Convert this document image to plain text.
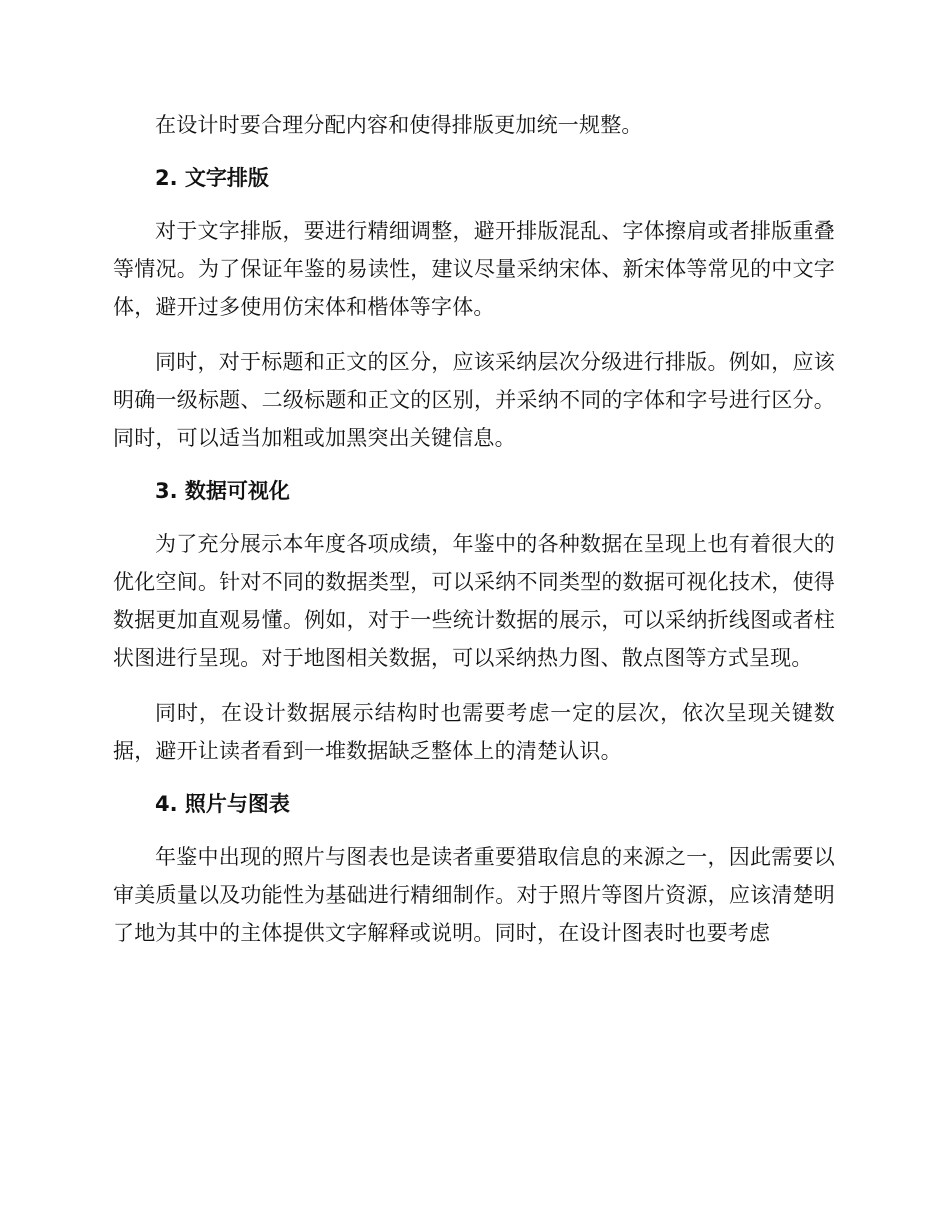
在设计时要合理分配内容和使得排版更加统一规整。

2. 文字排版

对于文字排版，要进行精细调整，避开排版混乱、字体擦肩或者排版重叠等情况。为了保证年鉴的易读性，建议尽量采纳宋体、新宋体等常见的中文字体，避开过多使用仿宋体和楷体等字体。

同时，对于标题和正文的区分，应该采纳层次分级进行排版。例如，应该明确一级标题、二级标题和正文的区别，并采纳不同的字体和字号进行区分。同时，可以适当加粗或加黑突出关键信息。

3. 数据可视化

为了充分展示本年度各项成绩，年鉴中的各种数据在呈现上也有着很大的优化空间。针对不同的数据类型，可以采纳不同类型的数据可视化技术，使得数据更加直观易懂。例如，对于一些统计数据的展示，可以采纳折线图或者柱状图进行呈现。对于地图相关数据，可以采纳热力图、散点图等方式呈现。

同时，在设计数据展示结构时也需要考虑一定的层次，依次呈现关键数据，避开让读者看到一堆数据缺乏整体上的清楚认识。

4. 照片与图表

年鉴中出现的照片与图表也是读者重要猎取信息的来源之一，因此需要以审美质量以及功能性为基础进行精细制作。对于照片等图片资源，应该清楚明了地为其中的主体提供文字解释或说明。同时，在设计图表时也要考虑
